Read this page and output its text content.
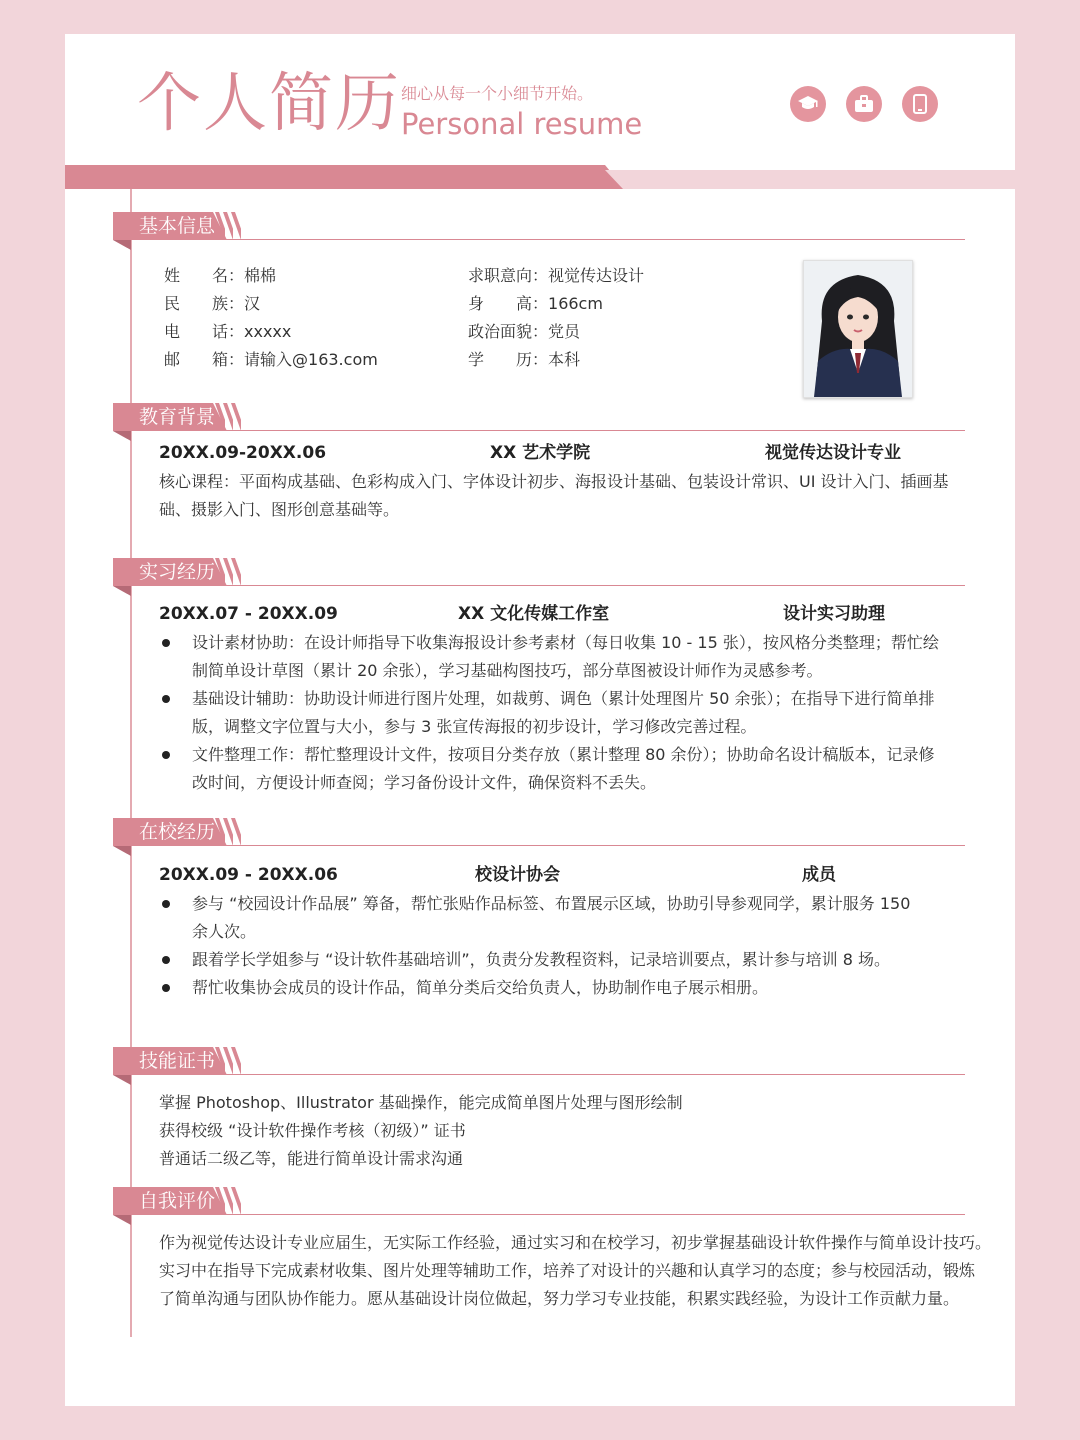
个人简历 细心从每一个小细节开始。
Personal resume
基本信息
姓　　名：棉棉
民　　族：汉
电　　话：xxxxx
邮　　箱：请输入@163.com
求职意向：视觉传达设计
身　　高：166cm
政治面貌：党员
学　　历：本科
教育背景
20XX.09-20XX.06	XX 艺术学院	视觉传达设计专业
核心课程：平面构成基础、色彩构成入门、字体设计初步、海报设计基础、包装设计常识、UI 设计入门、插画基
础、摄影入门、图形创意基础等。
实习经历
20XX.07 - 20XX.09	XX 文化传媒工作室	设计实习助理
设计素材协助：在设计师指导下收集海报设计参考素材（每日收集 10 - 15 张），按风格分类整理；帮忙绘
制简单设计草图（累计 20 余张），学习基础构图技巧，部分草图被设计师作为灵感参考。
基础设计辅助：协助设计师进行图片处理，如裁剪、调色（累计处理图片 50 余张）；在指导下进行简单排
版，调整文字位置与大小，参与 3 张宣传海报的初步设计，学习修改完善过程。
文件整理工作：帮忙整理设计文件，按项目分类存放（累计整理 80 余份）；协助命名设计稿版本，记录修
改时间，方便设计师查阅；学习备份设计文件，确保资料不丢失。
在校经历
20XX.09 - 20XX.06	校设计协会	成员
参与 “校园设计作品展” 筹备，帮忙张贴作品标签、布置展示区域，协助引导参观同学，累计服务 150
余人次。
跟着学长学姐参与 “设计软件基础培训”，负责分发教程资料，记录培训要点，累计参与培训 8 场。
帮忙收集协会成员的设计作品，简单分类后交给负责人，协助制作电子展示相册。
技能证书
掌握 Photoshop、Illustrator 基础操作，能完成简单图片处理与图形绘制
获得校级 “设计软件操作考核（初级）” 证书
普通话二级乙等，能进行简单设计需求沟通
自我评价
作为视觉传达设计专业应届生，无实际工作经验，通过实习和在校学习，初步掌握基础设计软件操作与简单设计技巧。
实习中在指导下完成素材收集、图片处理等辅助工作，培养了对设计的兴趣和认真学习的态度；参与校园活动，锻炼
了简单沟通与团队协作能力。愿从基础设计岗位做起，努力学习专业技能，积累实践经验，为设计工作贡献力量。
